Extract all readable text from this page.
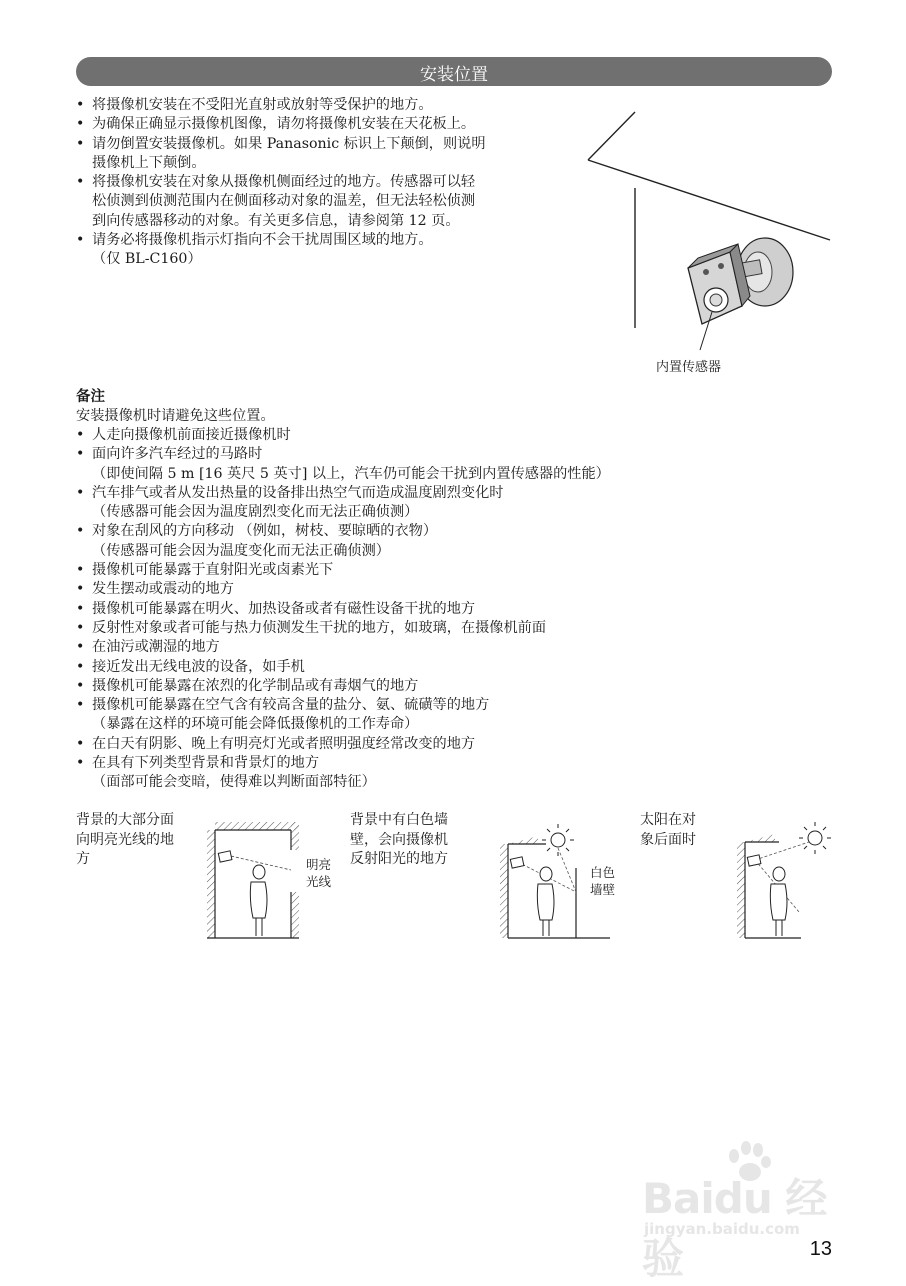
安装位置
• 将摄像机安装在不受阳光直射或放射等受保护的地方。
• 为确保正确显示摄像机图像，请勿将摄像机安装在天花板上。
• 请勿倒置安装摄像机。如果 Panasonic 标识上下颠倒，则说明
摄像机上下颠倒。
• 将摄像机安装在对象从摄像机侧面经过的地方。传感器可以轻
松侦测到侦测范围内在侧面移动对象的温差，但无法轻松侦测
到向传感器移动的对象。有关更多信息，请参阅第 12 页。
• 请务必将摄像机指示灯指向不会干扰周围区域的地方。
（仅 BL-C160）
内置传感器
备注
安装摄像机时请避免这些位置。
• 人走向摄像机前面接近摄像机时
• 面向许多汽车经过的马路时
（即使间隔 5 m [16 英尺 5 英寸] 以上，汽车仍可能会干扰到内置传感器的性能）
• 汽车排气或者从发出热量的设备排出热空气而造成温度剧烈变化时
（传感器可能会因为温度剧烈变化而无法正确侦测）
• 对象在刮风的方向移动 （例如，树枝、要晾晒的衣物）
（传感器可能会因为温度变化而无法正确侦测）
• 摄像机可能暴露于直射阳光或卤素光下
• 发生摆动或震动的地方
• 摄像机可能暴露在明火、加热设备或者有磁性设备干扰的地方
• 反射性对象或者可能与热力侦测发生干扰的地方，如玻璃，在摄像机前面
• 在油污或潮湿的地方
• 接近发出无线电波的设备，如手机
• 摄像机可能暴露在浓烈的化学制品或有毒烟气的地方
• 摄像机可能暴露在空气含有较高含量的盐分、氨、硫磺等的地方
（暴露在这样的环境可能会降低摄像机的工作寿命）
• 在白天有阴影、晚上有明亮灯光或者照明强度经常改变的地方
• 在具有下列类型背景和背景灯的地方
（面部可能会变暗，使得难以判断面部特征）
背景的大部分面
向明亮光线的地
方	明亮
光线
背景中有白色墙
壁，会向摄像机
反射阳光的地方
白色
墙壁
太阳在对
象后面时
Baidu 经验
jingyan.baidu.com
13
